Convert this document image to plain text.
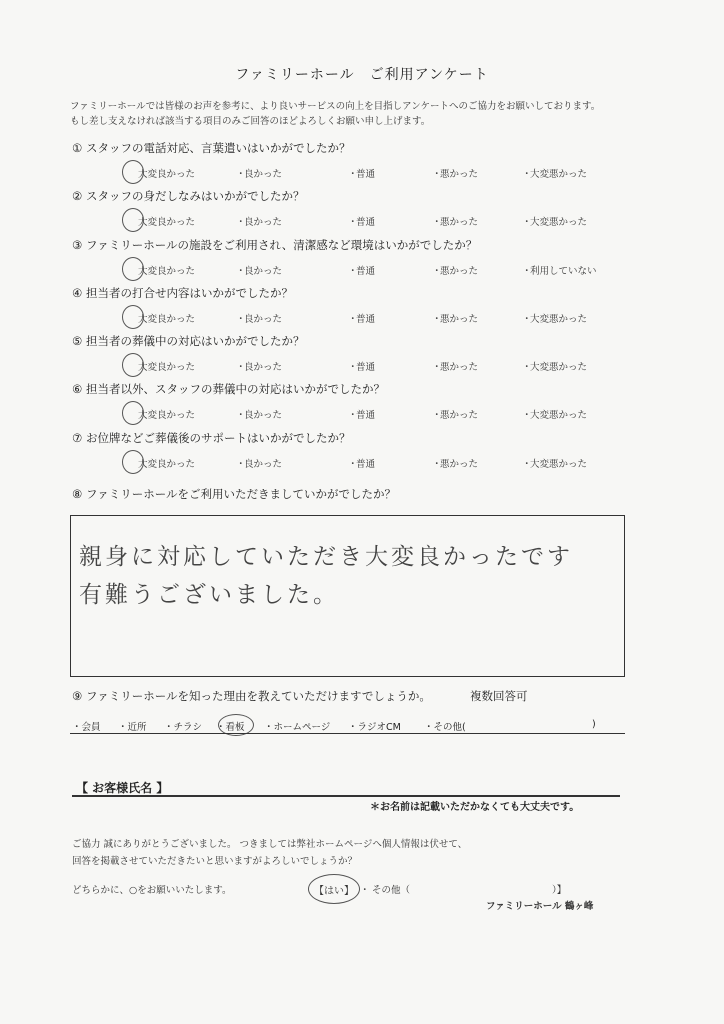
ファミリーホール　ご利用アンケート
ファミリーホールでは皆様のお声を参考に、より良いサービスの向上を目指しアンケートへのご協力をお願いしております。
もし差し支えなければ該当する項目のみご回答のほどよろしくお願い申し上げます。
① スタッフの電話対応、言葉遣いはいかがでしたか？
大変良かった	良かった
・	普通
・	悪かった
・	大変悪かった
・
② スタッフの身だしなみはいかがでしたか？
大変良かった	良かった
・	普通
・	悪かった
・	大変悪かった
・
③ ファミリーホールの施設をご利用され、清潔感など環境はいかがでしたか？
大変良かった	良かった
・	普通
・	悪かった
・	利用していない
・
④ 担当者の打合せ内容はいかがでしたか？
大変良かった	良かった
・	普通
・	悪かった
・	大変悪かった
・
⑤ 担当者の葬儀中の対応はいかがでしたか？
大変良かった	良かった
・	普通
・	悪かった
・	大変悪かった
・
⑥ 担当者以外、スタッフの葬儀中の対応はいかがでしたか？
大変良かった	良かった
・	普通
・	悪かった
・	大変悪かった
・
⑦ お位牌などご葬儀後のサポートはいかがでしたか？
大変良かった	良かった
・	普通
・	悪かった
・	大変悪かった
・
⑧ ファミリーホールをご利用いただきましていかがでしたか？
親身に対応していただき大変良かったです
有難うございました。
⑨ ファミリーホールを知った理由を教えていただけますでしょうか。	複数回答可
・会員 ・近所 ・チラシ ・看板 ・ホームページ ・ラジオCM ・その他(	)
【 お客様氏名 】
＊お名前は記載いただかなくても大丈夫です。
ご協力 誠にありがとうございました。 つきましては弊社ホームページへ個人情報は伏せて、
回答を掲載させていただきたいと思いますがよろしいでしょうか？
どちらかに、○をお願いいたします。	【はい】 ・ その他（	）】
ファミリーホール 鶴ヶ峰
